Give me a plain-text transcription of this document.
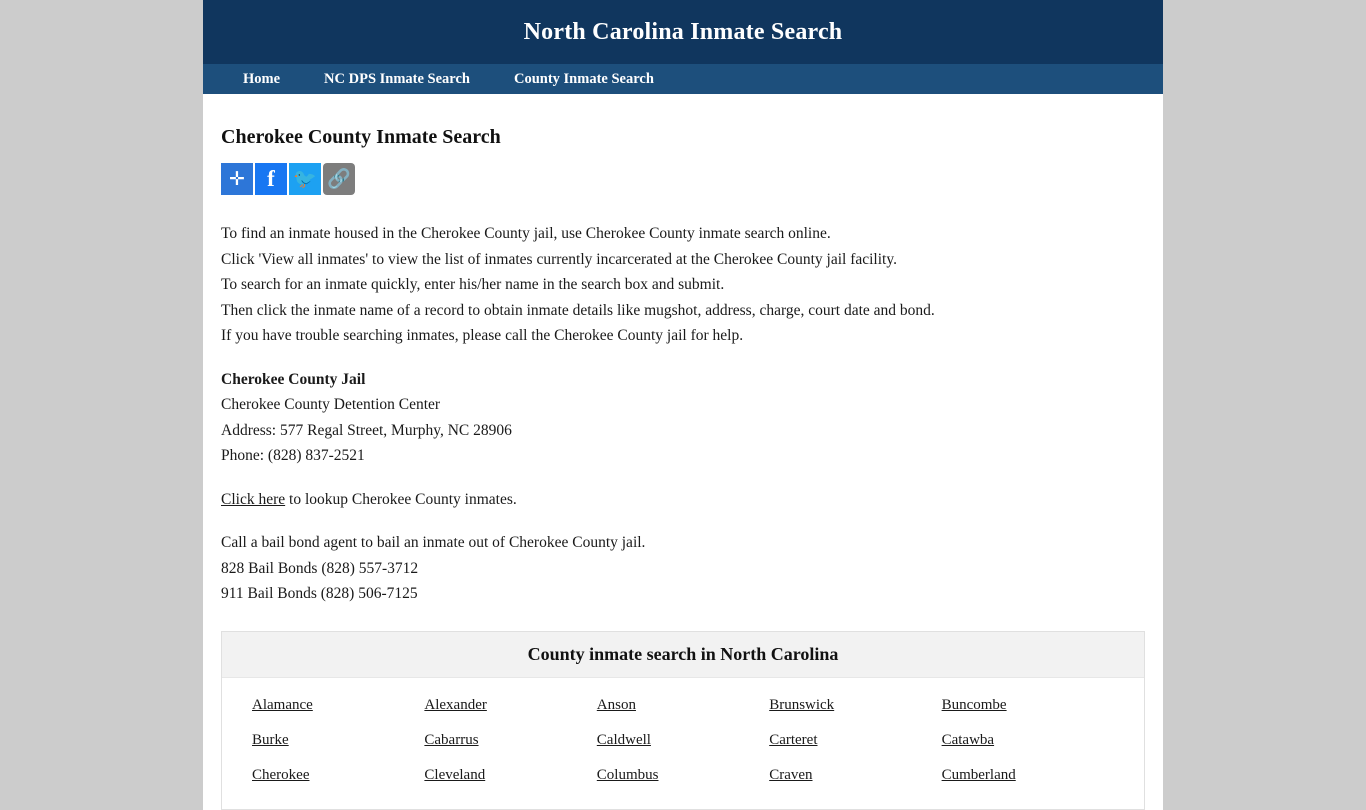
North Carolina Inmate Search
Home	NC DPS Inmate Search	County Inmate Search
Cherokee County Inmate Search
✛ f 🐦 🔗

To find an inmate housed in the Cherokee County jail, use Cherokee County inmate search online.

Click 'View all inmates' to view the list of inmates currently incarcerated at the Cherokee County jail facility.

To search for an inmate quickly, enter his/her name in the search box and submit.

Then click the inmate name of a record to obtain inmate details like mugshot, address, charge, court date and bond.

If you have trouble searching inmates, please call the Cherokee County jail for help.

Cherokee County Jail

Cherokee County Detention Center

Address: 577 Regal Street, Murphy, NC 28906

Phone: (828) 837-2521

Click here to lookup Cherokee County inmates.

Call a bail bond agent to bail an inmate out of Cherokee County jail.

828 Bail Bonds (828) 557-3712

911 Bail Bonds (828) 506-7125

County inmate search in North Carolina
Alamance	Alexander	Anson	Brunswick	Buncombe
Burke	Cabarrus	Caldwell	Carteret	Catawba
Cherokee	Cleveland	Columbus	Craven	Cumberland
